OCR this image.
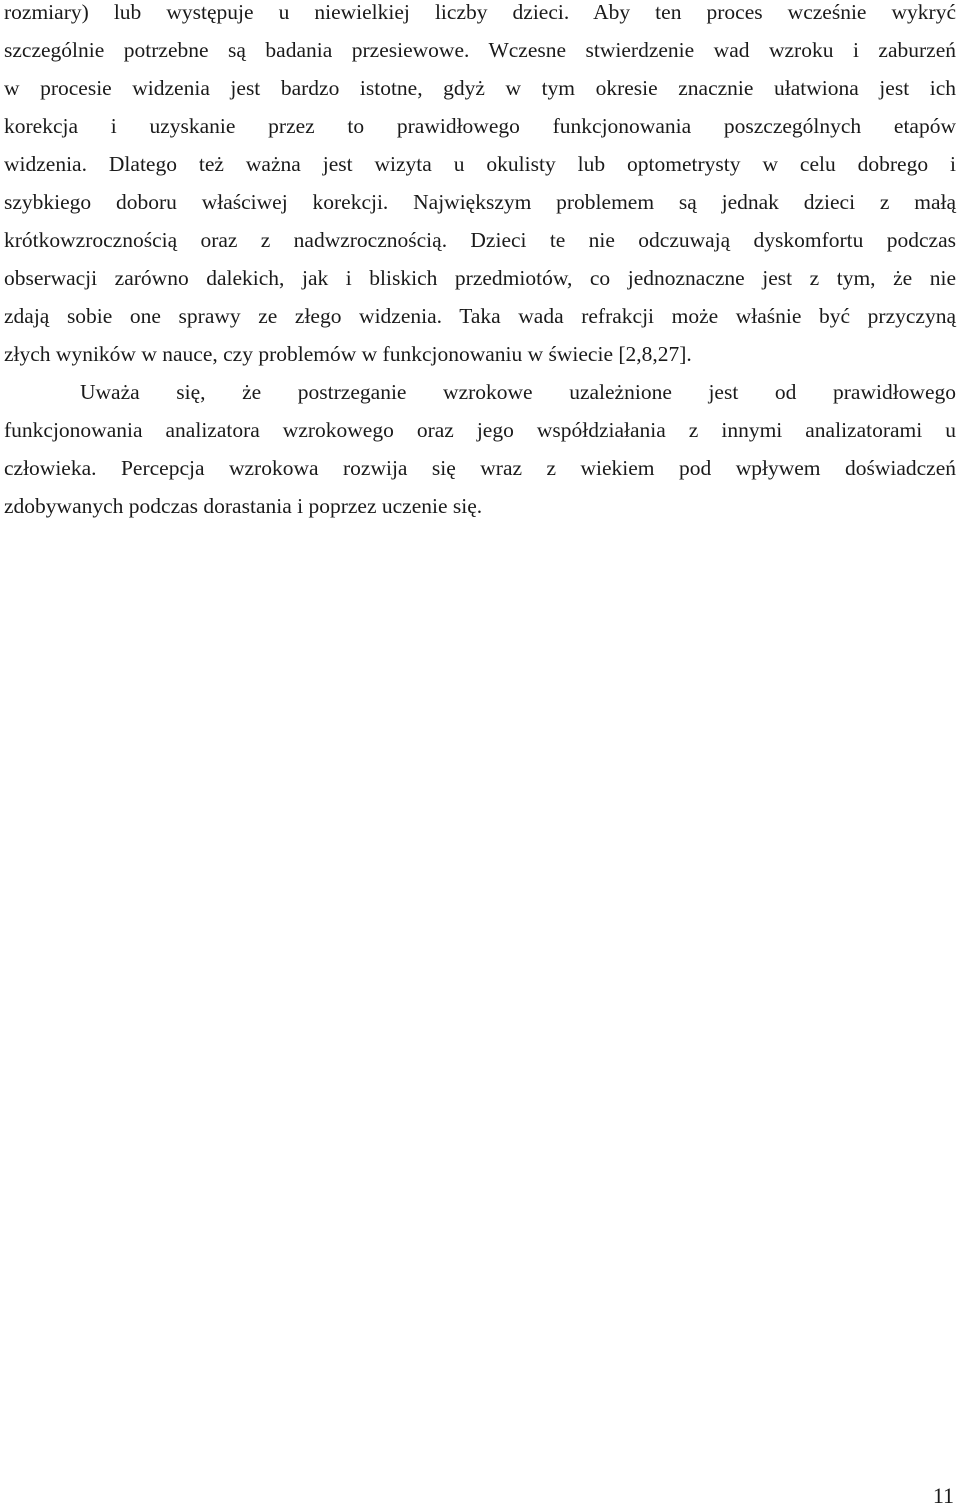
rozmiary) lub występuje u niewielkiej liczby dzieci. Aby ten proces wcześnie wykryć
szczególnie potrzebne są badania przesiewowe. Wczesne stwierdzenie wad wzroku i zaburzeń
w procesie widzenia jest bardzo istotne, gdyż w tym okresie znacznie ułatwiona jest ich
korekcja i uzyskanie przez to prawidłowego funkcjonowania poszczególnych etapów
widzenia. Dlatego też ważna jest wizyta u okulisty lub optometrysty w celu dobrego i
szybkiego doboru właściwej korekcji. Największym problemem są jednak dzieci z małą
krótkowzrocznością oraz z nadwzrocznością. Dzieci te nie odczuwają dyskomfortu podczas
obserwacji zarówno dalekich, jak i bliskich przedmiotów, co jednoznaczne jest z tym, że nie
zdają sobie one sprawy ze złego widzenia. Taka wada refrakcji może właśnie być przyczyną
złych wyników w nauce, czy problemów w funkcjonowaniu w świecie [2,8,27].
Uważa się, że postrzeganie wzrokowe uzależnione jest od prawidłowego
funkcjonowania analizatora wzrokowego oraz jego współdziałania z innymi analizatorami u
człowieka. Percepcja wzrokowa rozwija się wraz z wiekiem pod wpływem doświadczeń
zdobywanych podczas dorastania i poprzez uczenie się.
11
